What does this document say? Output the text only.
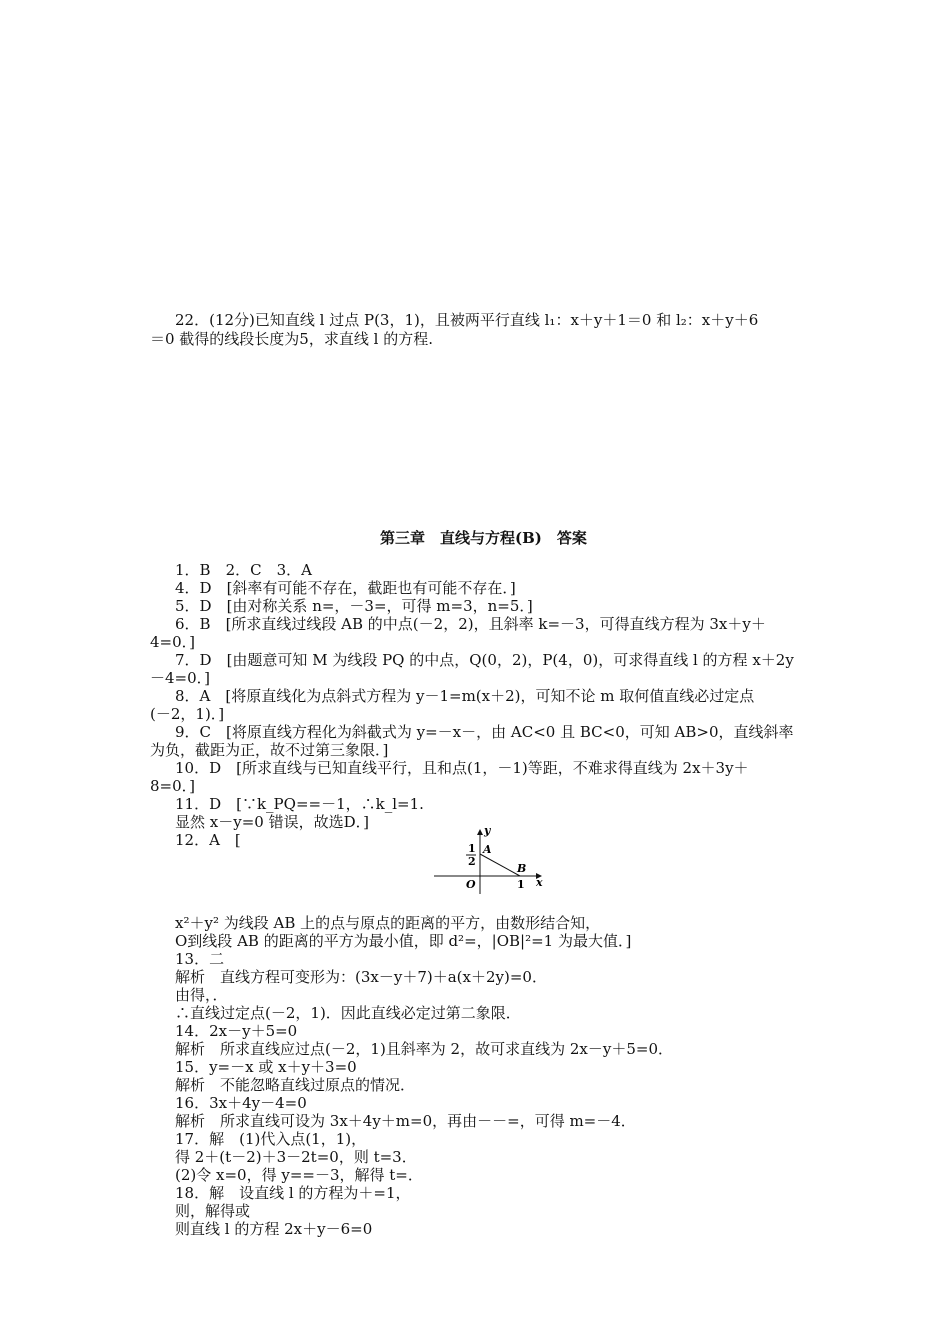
22．(12分)已知直线 l 过点 P(3，1)，且被两平行直线 l₁：x＋y＋1＝0 和 l₂：x＋y＋6
＝0 截得的线段长度为5，求直线 l 的方程.
第三章　直线与方程(B)　答案
1．B　2．C　3．A
4．D　[斜率有可能不存在，截距也有可能不存在．]
5．D　[由对称关系 n=，－3=，可得 m=3，n=5．]
6．B　[所求直线过线段 AB 的中点(－2，2)，且斜率 k=－3，可得直线方程为 3x＋y＋
4=0．]
7．D　[由题意可知 M 为线段 PQ 的中点，Q(0，2)，P(4，0)，可求得直线 l 的方程 x＋2y
－4=0．]
8．A　[将原直线化为点斜式方程为 y－1=m(x＋2)，可知不论 m 取何值直线必过定点
(－2，1)．]
9．C　[将原直线方程化为斜截式为 y=－x－，由 AC<0 且 BC<0，可知 AB>0，直线斜率
为负，截距为正，故不过第三象限．]
10．D　[所求直线与已知直线平行，且和点(1，－1)等距，不难求得直线为 2x＋3y＋
8=0．]
11．D　[∵k_PQ==－1，∴k_l=1.
显然 x－y=0 错误，故选D．]
12．A　[
y
x
O
A
B
1
2
1
x²＋y² 为线段 AB 上的点与原点的距离的平方，由数形结合知，
O到线段 AB 的距离的平方为最小值，即 d²=，|OB|²=1 为最大值．]
13．二
解析　直线方程可变形为：(3x－y＋7)＋a(x＋2y)=0．
由得，．
∴直线过定点(－2，1)．因此直线必定过第二象限．
14．2x－y＋5=0
解析　所求直线应过点(－2，1)且斜率为 2，故可求直线为 2x－y＋5=0．
15．y=－x 或 x＋y＋3=0
解析　不能忽略直线过原点的情况．
16．3x＋4y－4=0
解析　所求直线可设为 3x＋4y＋m=0，再由－－=，可得 m=－4．
17．解　(1)代入点(1，1)，
得 2＋(t－2)＋3－2t=0，则 t=3．
(2)令 x=0，得 y==－3，解得 t=．
18．解　设直线 l 的方程为＋=1，
则，解得或
则直线 l 的方程 2x＋y－6=0
